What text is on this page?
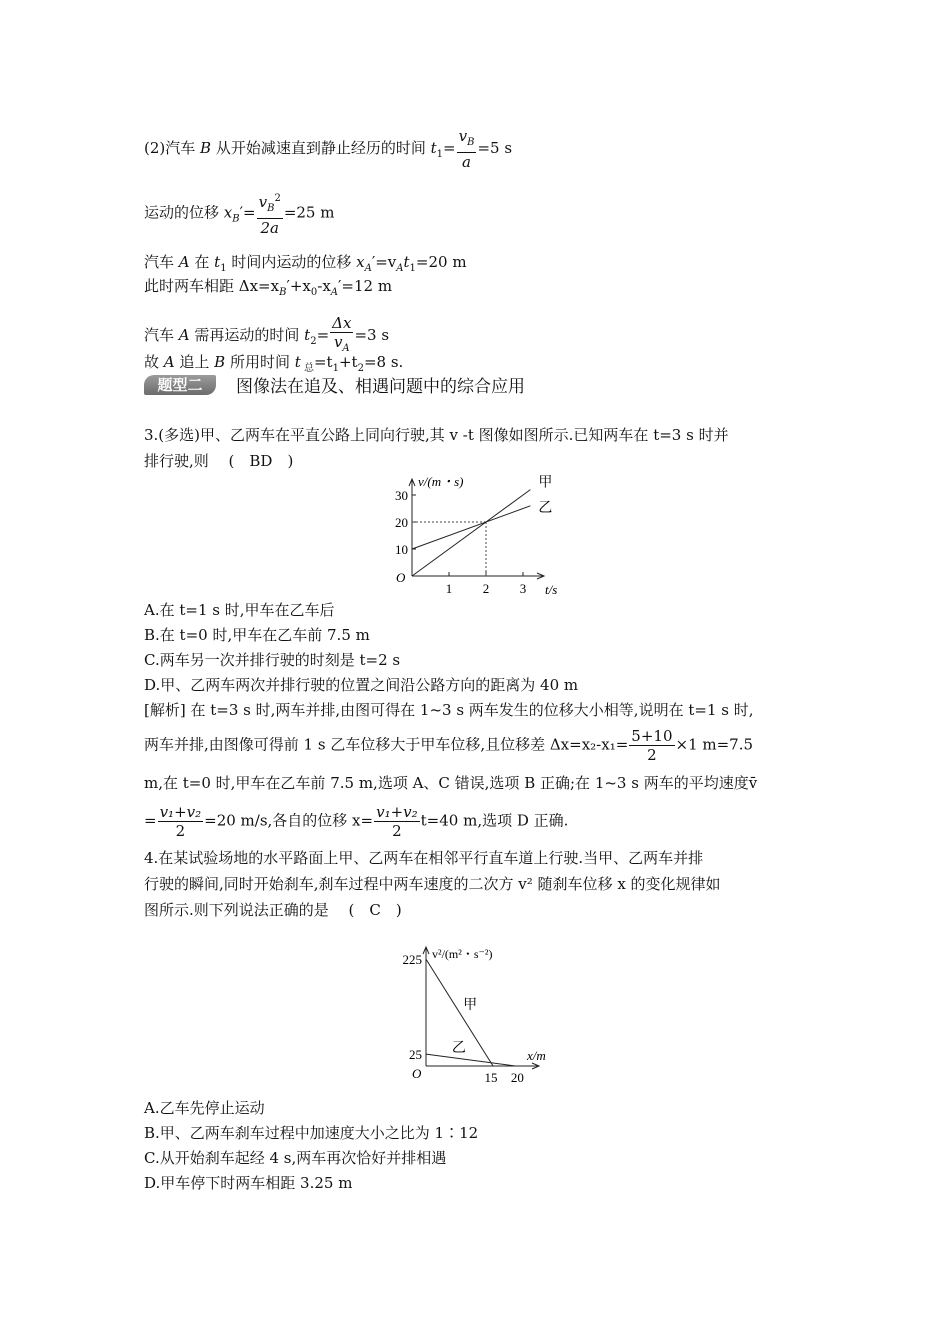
(2)汽车 B 从开始减速直到静止经历的时间 $t_1= \frac{v_B}{a} =5$ s
运动的位移 $x_B'= \frac{v_B^2}{2a} =25$ m
汽车 A 在 $t_1$ 时间内运动的位移 $x_A'=v_At_1=20$ m
此时两车相距 $\Delta x=x_B'+x_0-x_A'=12$ m
汽车 A 需再运动的时间 $t_2= \frac{\Delta x}{v_A} =3$ s
故 A 追上 B 所用时间 t $_总=t_1+t_2=8$ s.
题型二	图像法在追及、相遇问题中的综合应用
3.(多选)甲、乙两车在平直公路上同向行驶,其 v -t 图像如图所示.已知两车在 t=3 s 时并
排行驶,则　 (　BD　)
v/(m・s)
t/s
O
10
20
30
1 2 3
甲
乙
A.在 t=1 s 时,甲车在乙车后
B.在 t=0 时,甲车在乙车前 7.5 m
C.两车另一次并排行驶的时刻是 t=2 s
D.甲、乙两车两次并排行驶的位置之间沿公路方向的距离为 40 m
[解析] 在 t=3 s 时,两车并排,由图可得在 1~3 s 两车发生的位移大小相等,说明在 t=1 s 时,
两车并排,由图像可得前 1 s 乙车位移大于甲车位移,且位移差 $\Delta x=x_2-x_1= \frac{5+10}{2} \times 1$ m=7.5
m,在 t=0 时,甲车在乙车前 7.5 m,选项 A、C 错误,选项 B 正确;在 1~3 s 两车的平均速度v̄
= $\frac{\text{v₁+v₂}}{2} =20$ m/s,各自的位移 $x= \frac{\text{v₁+v₂}}{2} t=40$ m,选项 D 正确.
4.在某试验场地的水平路面上甲、乙两车在相邻平行直车道上行驶.当甲、乙两车并排
行驶的瞬间,同时开始刹车,刹车过程中两车速度的二次方 v² 随刹车位移 x 的变化规律如
图所示.则下列说法正确的是　 (　C　)
v²/(m²・s⁻²)
x/m
O
25
225
15 20
甲
乙
A.乙车先停止运动
B.甲、乙两车刹车过程中加速度大小之比为 1∶12
C.从开始刹车起经 4 s,两车再次恰好并排相遇
D.甲车停下时两车相距 3.25 m
